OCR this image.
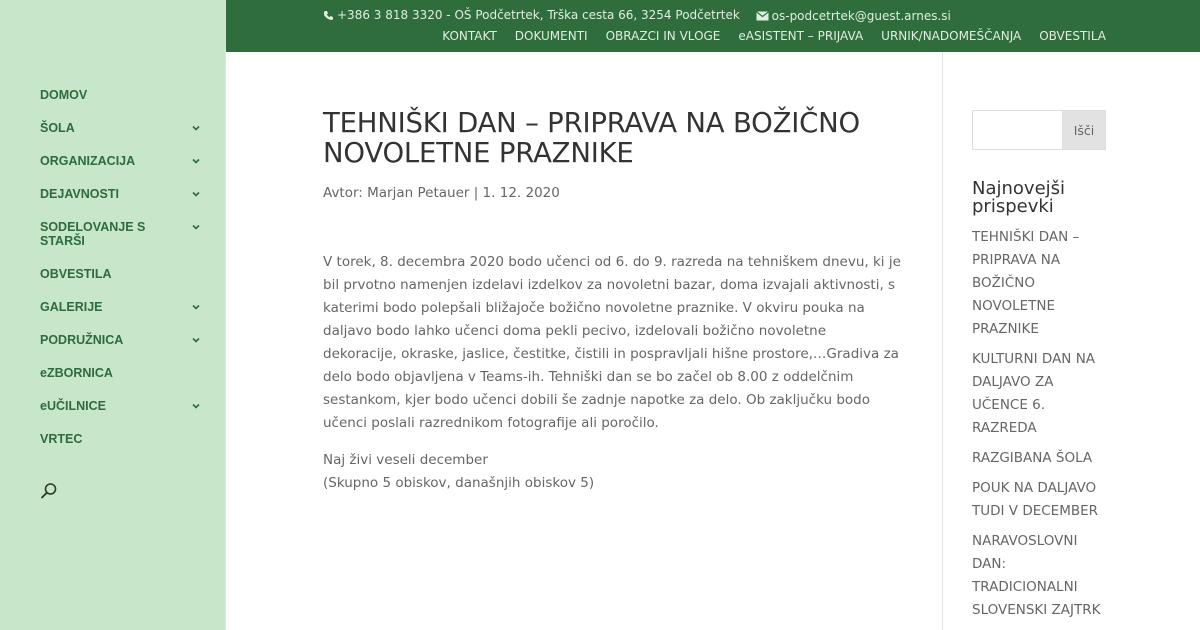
DOMOV
ŠOLA
ORGANIZACIJA
DEJAVNOSTI
SODELOVANJE S STARŠI
OBVESTILA
GALERIJE
PODRUŽNICA
eZBORNICA
eUČILNICE
VRTEC
+386 3 818 3320 - OŠ Podčetrtek, Trška cesta 66, 3254 Podčetrtek
	os-podcetrtek@guest.arnes.si
KONTAKT DOKUMENTI OBRAZCI IN VLOGE eASISTENT – PRIJAVA URNIK/NADOMEŠČANJA OBVESTILA
TEHNIŠKI DAN – PRIPRAVA NA BOŽIČNO NOVOLETNE PRAZNIKE
Avtor: Marjan Petauer | 1. 12. 2020

V torek, 8. decembra 2020 bodo učenci od 6. do 9. razreda na tehniškem dnevu, ki je bil prvotno namenjen izdelavi izdelkov za novoletni bazar, doma izvajali aktivnosti, s katerimi bodo polepšali bližajoče božično novoletne praznike. V okviru pouka na daljavo bodo lahko učenci doma pekli pecivo, izdelovali božično novoletne dekoracije, okraske, jaslice, čestitke, čistili in pospravljali hišne prostore,…Gradiva za delo bodo objavljena v Teams-ih. Tehniški dan se bo začel ob 8.00 z oddelčnim sestankom, kjer bodo učenci dobili še zadnje napotke za delo. Ob zaključku bodo učenci poslali razrednikom fotografije ali poročilo.

Naj živi veseli december
(Skupno 5 obiskov, današnjih obiskov 5)

Išči
Najnovejši prispevki
TEHNIŠKI DAN – PRIPRAVA NA BOŽIČNO NOVOLETNE PRAZNIKE
KULTURNI DAN NA DALJAVO ZA UČENCE 6. RAZREDA
RAZGIBANA ŠOLA
POUK NA DALJAVO TUDI V DECEMBER
NARAVOSLOVNI DAN: TRADICIONALNI SLOVENSKI ZAJTRK
